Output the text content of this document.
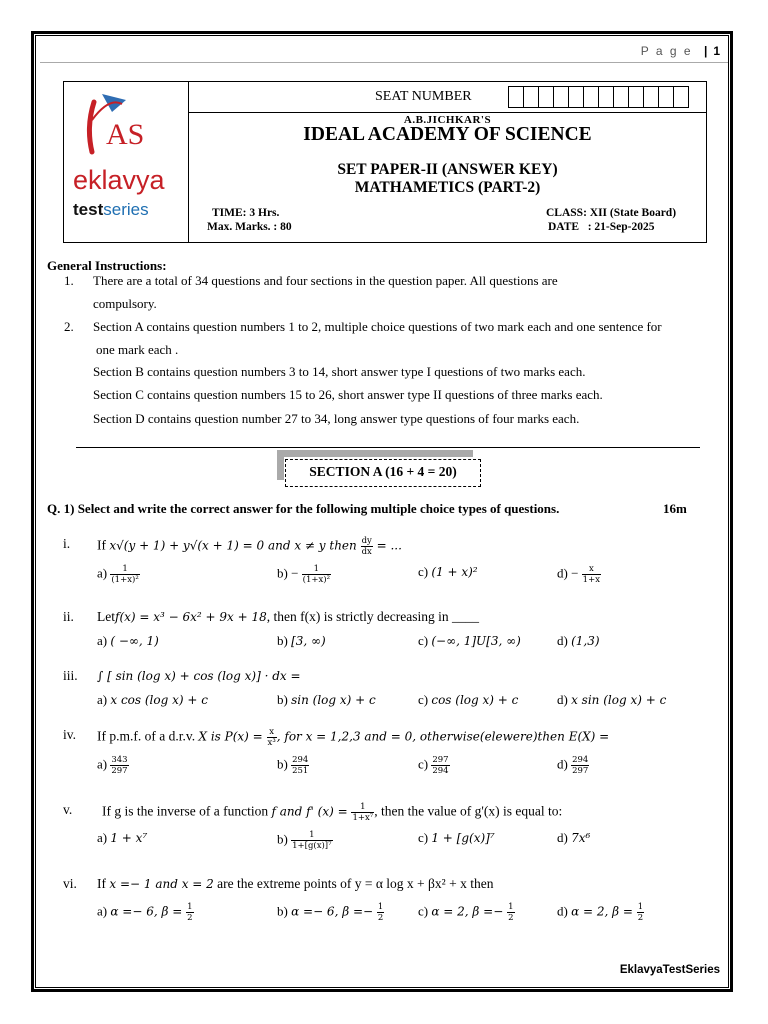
P a g e | 1
AS
eklavya
testseries
SEAT NUMBER
A.B.JICHKAR'S
IDEAL ACADEMY OF SCIENCE
SET PAPER-II (ANSWER KEY)
MATHAMETICS (PART-2)
TIME: 3 Hrs.
Max. Marks. : 80
CLASS: XII (State Board)
DATE   : 21-Sep-2025
General Instructions:
1. There are a total of 34 questions and four sections in the question paper. All questions are
compulsory.
2. Section A contains question numbers 1 to 2, multiple choice questions of two mark each and one sentence for
one mark each .
Section B contains question numbers 3 to 14, short answer type I questions of two marks each.
Section C contains question numbers 15 to 26, short answer type II questions of three marks each.
Section D contains question number 27 to 34, long answer type questions of four marks each.
SECTION A (16 + 4 = 20)
Q. 1) Select and write the correct answer for the following multiple choice types of questions.	16m
i. If x√(y + 1) + y√(x + 1) = 0 and x ≠ y then $\frac{dy}{dx}$ = ...
$a) \frac{1}{\text{(1+x)²}}$	$b) - \frac{1}{\text{(1+x)²}}$	c) (1 + x)²	$d) - \frac{x}{1+x}$
ii. Letf(x) = x³ − 6x² + 9x + 18, then f(x) is strictly decreasing in ____
a) ( −∞, 1)	b) [3, ∞)	c) (−∞, 1]U[3, ∞)	d) (1,3)
iii. ∫ [ sin (log x) + cos (log x)] · dx =
a) x cos (log x) + c	b) sin (log x) + c	c) cos (log x) + c	d) x sin (log x) + c
iv. If p.m.f. of a d.r.v. X is $P(x) = \frac{x}{\text{x³}}$ , for x = 1,2,3 and = 0, otherwise(elewere)then E(X) =
$a) \frac{343}{297}$	$b) \frac{294}{251}$	$c) \frac{297}{294}$	$d) \frac{294}{297}$
v. If g is the inverse of a function f and f' $(x) = \frac{1}{\text{1+x⁷}}$ , then the value of g'(x) is equal to:
a) 1 + x⁷	$b) \frac{1}{\text{1+[g(x)]⁷}}$	c) 1 + [g(x)]⁷	d) 7x⁶
vi. If x =− 1 and x = 2 are the extreme points of y = α log x + βx² + x then
a) α =− 6, $\beta = \frac{1}{2}$	b) α =− 6, $\beta =- \frac{1}{2}$	c) α = 2, $\beta =- \frac{1}{2}$	d) α = 2, $\beta = \frac{1}{2}$
EklavyaTestSeries
